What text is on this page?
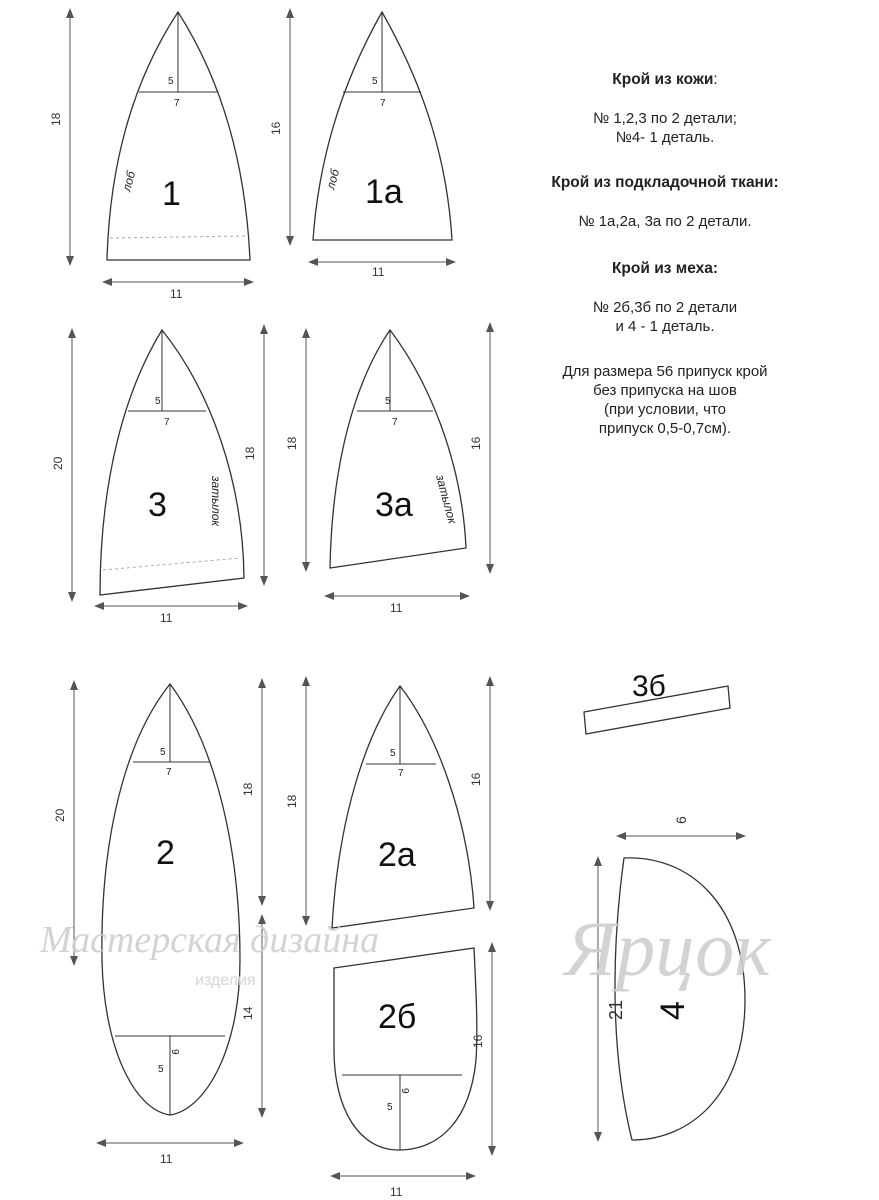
5
7
1
лоб
18
11
5
7
1а
лоб
16
11
5
7
3	затылок
20
18
11
5
7
3а затылок
18	16
11
5
7
9
5
2
20
18
14
11
5
7
2а
18
16
9
5
2б
16
11
3б
4
6
21
Мастерская дизайна Ярцок
изделия
Крой из кожи:

№ 1,2,3 по 2 детали;
№4- 1 деталь.

Крой из подкладочной ткани:

№ 1а,2а, 3а по 2 детали.

Крой из меха:

№ 2б,3б по 2 детали
и 4 - 1 деталь.

Для размера 56 припуск крой
без припуска на шов
(при условии, что
припуск 0,5-0,7см).
